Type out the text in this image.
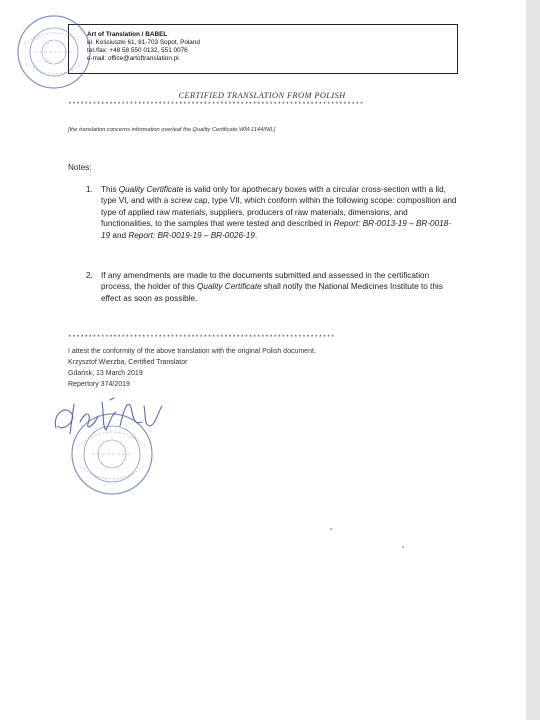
Art of Translation / BABEL
ul. Kościuszki 61, 81-703 Sopot, Poland
tel./fax: +48 58 550 0132, 551 0076
e-mail: office@artoftranslation.pl
CERTIFIED TRANSLATION FROM POLISH
************************************************************************
[the translation concerns information overleaf the Quality Certificate WM-1144/NIL]
Notes:
1. This Quality Certificate is valid only for apothecary boxes with a circular cross-section with a lid, type VI, and with a screw cap, type VII, which conform within the following scope: composition and type of applied raw materials, suppliers, producers of raw materials, dimensions, and functionalities, to the samples that were tested and described in Report: BR-0013-19 – BR-0018-19 and Report: BR-0019-19 – BR-0026-19.
2. If any amendments are made to the documents submitted and assessed in the certification process, the holder of this Quality Certificate shall notify the National Medicines Institute to this effect as soon as possible.
*****************************************************************
I attest the conformity of the above translation with the original Polish document.
Krzysztof Wierzba, Certified Translator
Gdańsk, 13 March 2019
Repertory 374/2019
